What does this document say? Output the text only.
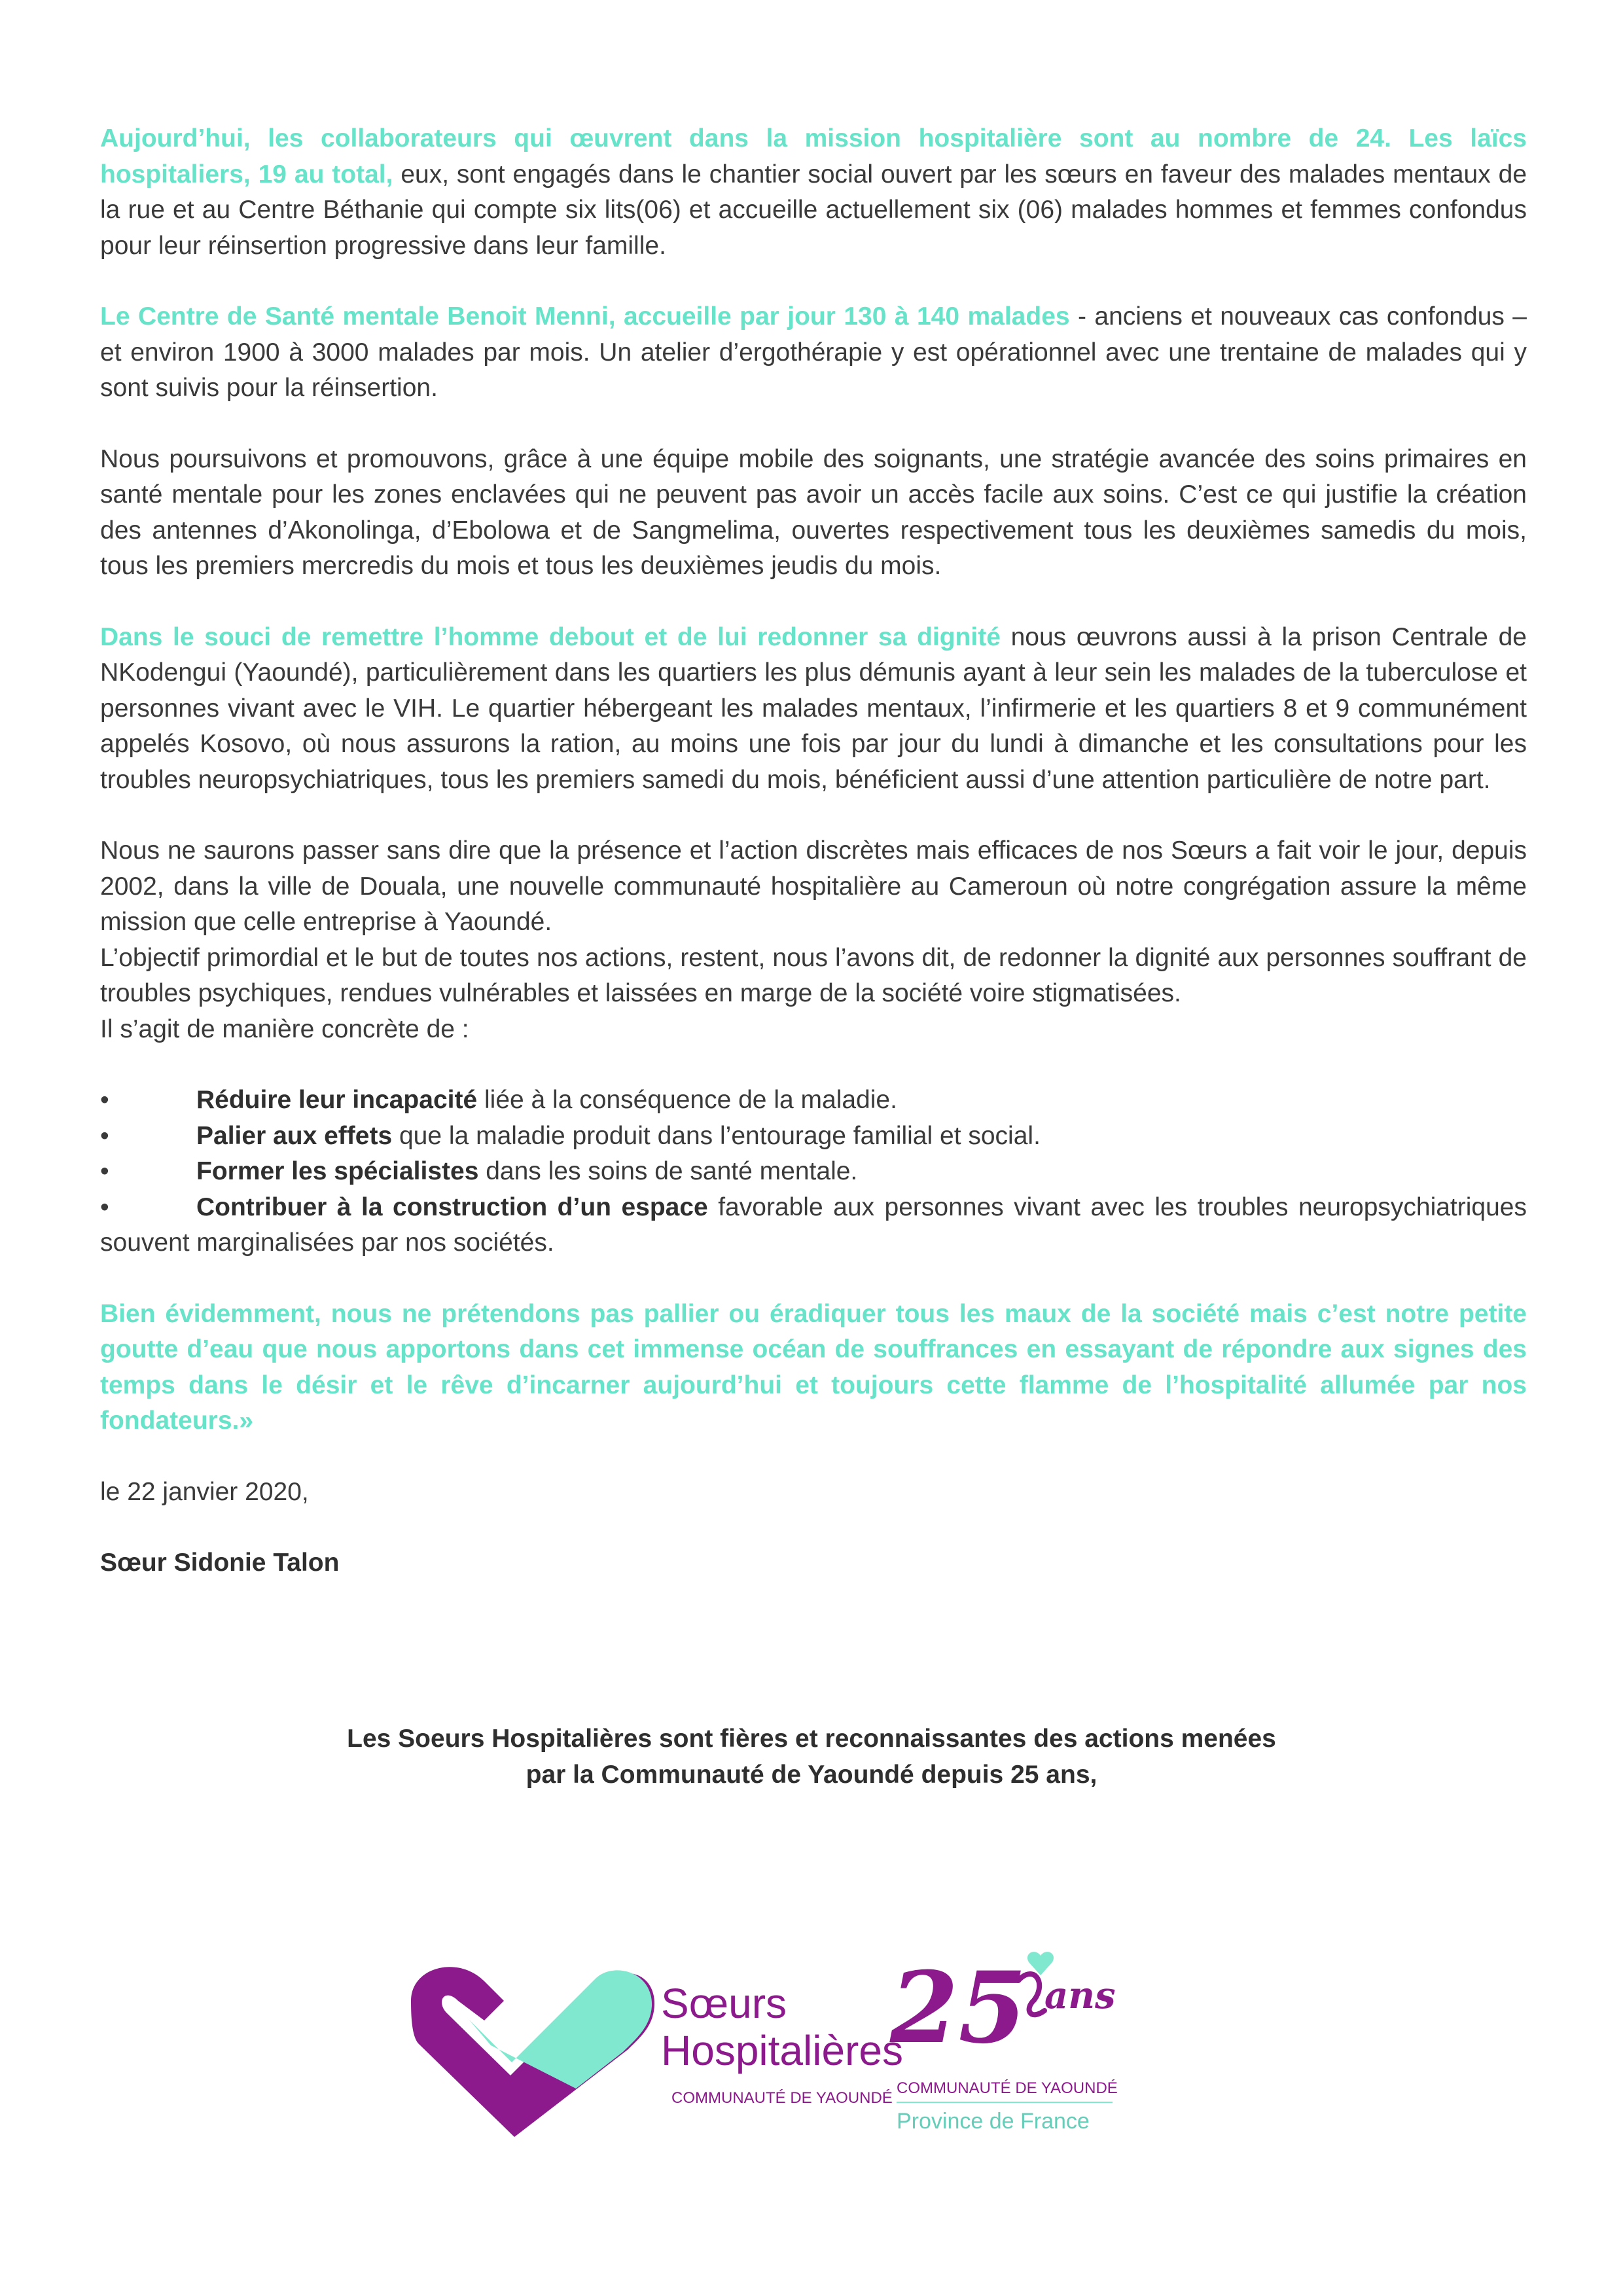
Aujourd’hui, les collaborateurs qui œuvrent dans la mission hospitalière sont au nombre de 24. Les laïcs hospitaliers, 19 au total, eux, sont engagés dans le chantier social ouvert par les sœurs en faveur des malades mentaux de la rue et au Centre Béthanie qui compte six lits(06) et accueille actuellement six (06) malades hommes et femmes confondus pour leur réinsertion progressive dans leur famille.

Le Centre de Santé mentale Benoit Menni, accueille par jour 130 à 140 malades - anciens et nouveaux cas confondus – et environ 1900 à 3000 malades par mois. Un atelier d’ergothérapie y est opérationnel avec une trentaine de malades qui y sont suivis pour la réinsertion.

Nous poursuivons et promouvons, grâce à une équipe mobile des soignants, une stratégie avancée des soins primaires en santé mentale pour les zones enclavées qui ne peuvent pas avoir un accès facile aux soins. C’est ce qui justifie la création des antennes d’Akonolinga, d’Ebolowa et de Sangmelima, ouvertes respectivement tous les deuxièmes samedis du mois, tous les premiers mercredis du mois et tous les deuxièmes jeudis du mois.

Dans le souci de remettre l’homme debout et de lui redonner sa dignité nous œuvrons aussi à la prison Centrale de NKodengui (Yaoundé), particulièrement dans les quartiers les plus démunis ayant à leur sein les malades de la tuberculose et personnes vivant avec le VIH. Le quartier hébergeant les malades mentaux, l’infirmerie et les quartiers 8 et 9 communément appelés Kosovo, où nous assurons la ration, au moins une fois par jour du lundi à dimanche et les consultations pour les troubles neuropsychiatriques, tous les premiers samedi du mois, bénéficient aussi d’une attention particulière de notre part.

Nous ne saurons passer sans dire que la présence et l’action discrètes mais efficaces de nos Sœurs a fait voir le jour, depuis 2002, dans la ville de Douala, une nouvelle communauté hospitalière au Cameroun où notre congrégation assure la même mission que celle entreprise à Yaoundé.

L’objectif primordial et le but de toutes nos actions, restent, nous l’avons dit, de redonner la dignité aux personnes souffrant de troubles psychiques, rendues vulnérables et laissées en marge de la société voire stigmatisées.

Il s’agit de manière concrète de :

•	Réduire leur incapacité liée à la conséquence de la maladie.

•	Palier aux effets que la maladie produit dans l’entourage familial et social.

•	Former les spécialistes dans les soins de santé mentale.

•	Contribuer à la construction d’un espace favorable aux personnes vivant avec les troubles neuropsychiatriques souvent marginalisées par nos sociétés.

Bien évidemment, nous ne prétendons pas pallier ou éradiquer tous les maux de la société mais c’est notre petite goutte d’eau que nous apportons dans cet immense océan de souffrances en essayant de répondre aux signes des temps dans le désir et le rêve d’incarner aujourd’hui et toujours cette flamme de l’hospitalité allumée par nos fondateurs.»

le 22 janvier 2020,

Sœur Sidonie Talon

Les Soeurs Hospitalières sont fières et reconnaissantes des actions menées
par la Communauté de Yaoundé depuis 25 ans,
Sœurs
Hospitalières
COMMUNAUTÉ DE YAOUNDÉ
25 ans
COMMUNAUTÉ DE YAOUNDÉ
Province de France
